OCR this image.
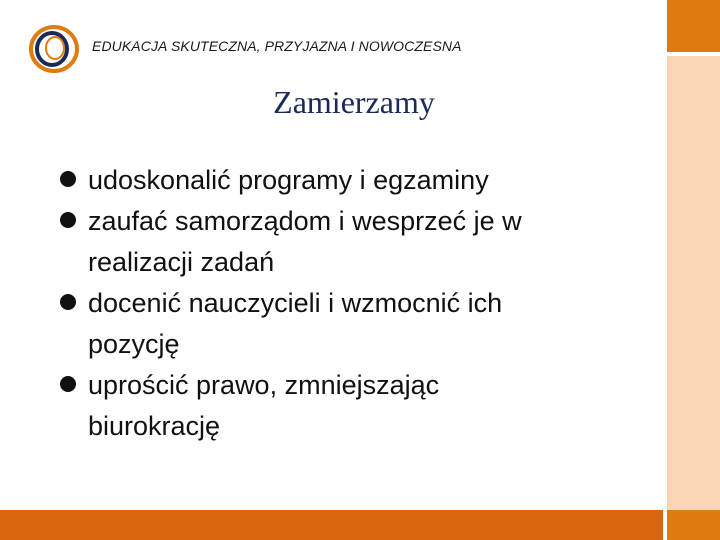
EDUKACJA SKUTECZNA, PRZYJAZNA I NOWOCZESNA
Zamierzamy
udoskonalić programy i egzaminy
zaufać samorządom i wesprzeć je w realizacji zadań
docenić nauczycieli i wzmocnić ich pozycję
uprościć prawo, zmniejszając biurokrację
